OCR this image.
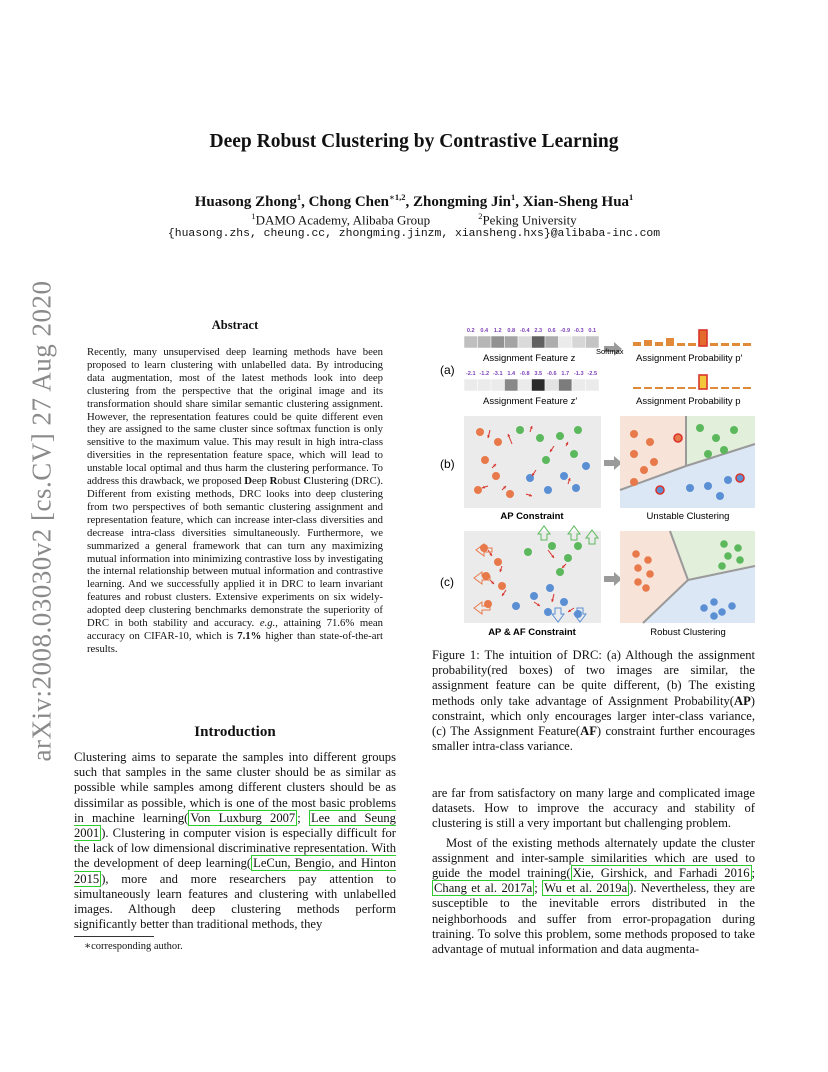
arXiv:2008.03030v2 [cs.CV] 27 Aug 2020
Deep Robust Clustering by Contrastive Learning
Huasong Zhong$^1$, Chong Chen$^{∗1,2}$, Zhongming Jin$^1$, Xian-Sheng Hua$^1$
$^1$DAMO Academy, Alibaba Group	$^2$Peking University
{huasong.zhs, cheung.cc, zhongming.jinzm, xiansheng.hxs}@alibaba-inc.com
Abstract
Recently, many unsupervised deep learning methods have been proposed to learn clustering with unlabelled data. By introducing data augmentation, most of the latest methods look into deep clustering from the perspective that the original image and its transformation should share similar semantic clustering assignment. However, the representation features could be quite different even they are assigned to the same cluster since softmax function is only sensitive to the maximum value. This may result in high intra-class diversities in the representation feature space, which will lead to unstable local optimal and thus harm the clustering performance. To address this drawback, we proposed Deep Robust Clustering (DRC). Different from existing methods, DRC looks into deep clustering from two perspectives of both semantic clustering assignment and representation feature, which can increase inter-class diversities and decrease intra-class diversities simultaneously. Furthermore, we summarized a general framework that can turn any maximizing mutual information into minimizing contrastive loss by investigating the internal relationship between mutual information and contrastive learning. And we successfully applied it in DRC to learn invariant features and robust clusters. Extensive experiments on six widely-adopted deep clustering benchmarks demonstrate the superiority of DRC in both stability and accuracy. e.g., attaining 71.6% mean accuracy on CIFAR-10, which is 7.1% higher than state-of-the-art results.
Introduction
Clustering aims to separate the samples into different groups such that samples in the same cluster should be as similar as possible while samples among different clusters should be as dissimilar as possible, which is one of the most basic problems in machine learning( Von Luxburg 2007 ; Lee and Seung 2001 ). Clustering in computer vision is especially difficult for the lack of low dimensional discriminative representation. With the development of deep learning( LeCun, Bengio, and Hinton 2015 ), more and more researchers pay attention to simultaneously learn features and clustering with unlabelled images. Although deep clustering methods perform significantly better than traditional methods, they
∗corresponding author.
(a)
(b)
(c)
0.2 0.4 1.2 0.8 -0.4 2.3 0.6 -0.9 -0.3 0.1
Assignment Feature z
-2.1 -1.2 -3.1 1.4 -0.8 3.5 -0.6 1.7 -1.3 -2.5
Assignment Feature z′
Softmax
Assignment Probability p′
Assignment Probability p
AP Constraint	Unstable Clustering
AP & AF Constraint	Robust Clustering
Figure 1: The intuition of DRC: (a) Although the assignment probability(red boxes) of two images are similar, the assignment feature can be quite different, (b) The existing methods only take advantage of Assignment Probability(AP) constraint, which only encourages larger inter-class variance, (c) The Assignment Feature(AF) constraint further encourages smaller intra-class variance.

are far from satisfactory on many large and complicated image datasets. How to improve the accuracy and stability of clustering is still a very important but challenging problem.

Most of the existing methods alternately update the cluster assignment and inter-sample similarities which are used to guide the model training( Xie, Girshick, and Farhadi 2016 ; Chang et al. 2017a ; Wu et al. 2019a ). Nevertheless, they are susceptible to the inevitable errors distributed in the neighborhoods and suffer from error-propagation during training. To solve this problem, some methods proposed to take advantage of mutual information and data augmenta-
